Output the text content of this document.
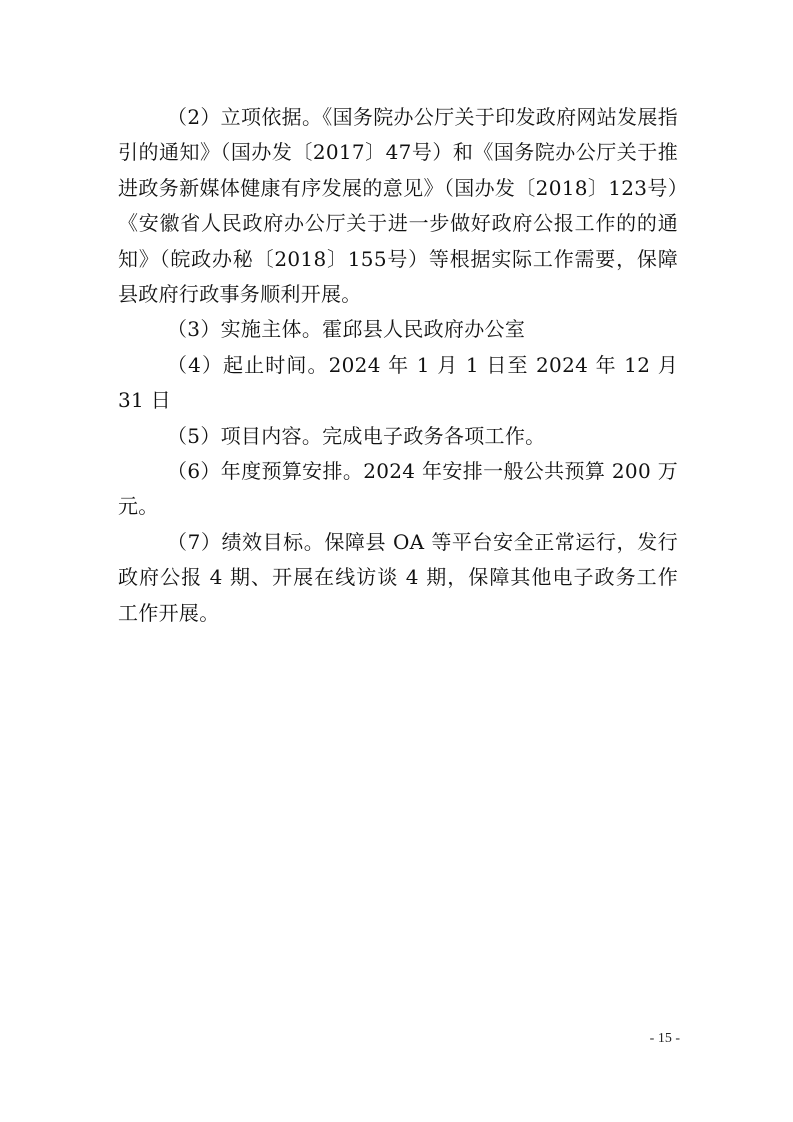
（2）立项依据。《国务院办公厅关于印发政府网站发展指引的通知》（国办发〔2017〕47号）和《国务院办公厅关于推进政务新媒体健康有序发展的意见》（国办发〔2018〕123号）《安徽省人民政府办公厅关于进一步做好政府公报工作的的通知》（皖政办秘〔2018〕155号）等根据实际工作需要，保障县政府行政事务顺利开展。

（3）实施主体。霍邱县人民政府办公室

（4）起止时间。2024 年 1 月 1 日至 2024 年 12 月 31 日

（5）项目内容。完成电子政务各项工作。

（6）年度预算安排。2024 年安排一般公共预算 200 万元。

（7）绩效目标。保障县 OA 等平台安全正常运行，发行政府公报 4 期、开展在线访谈 4 期，保障其他电子政务工作工作开展。

- 15 -
